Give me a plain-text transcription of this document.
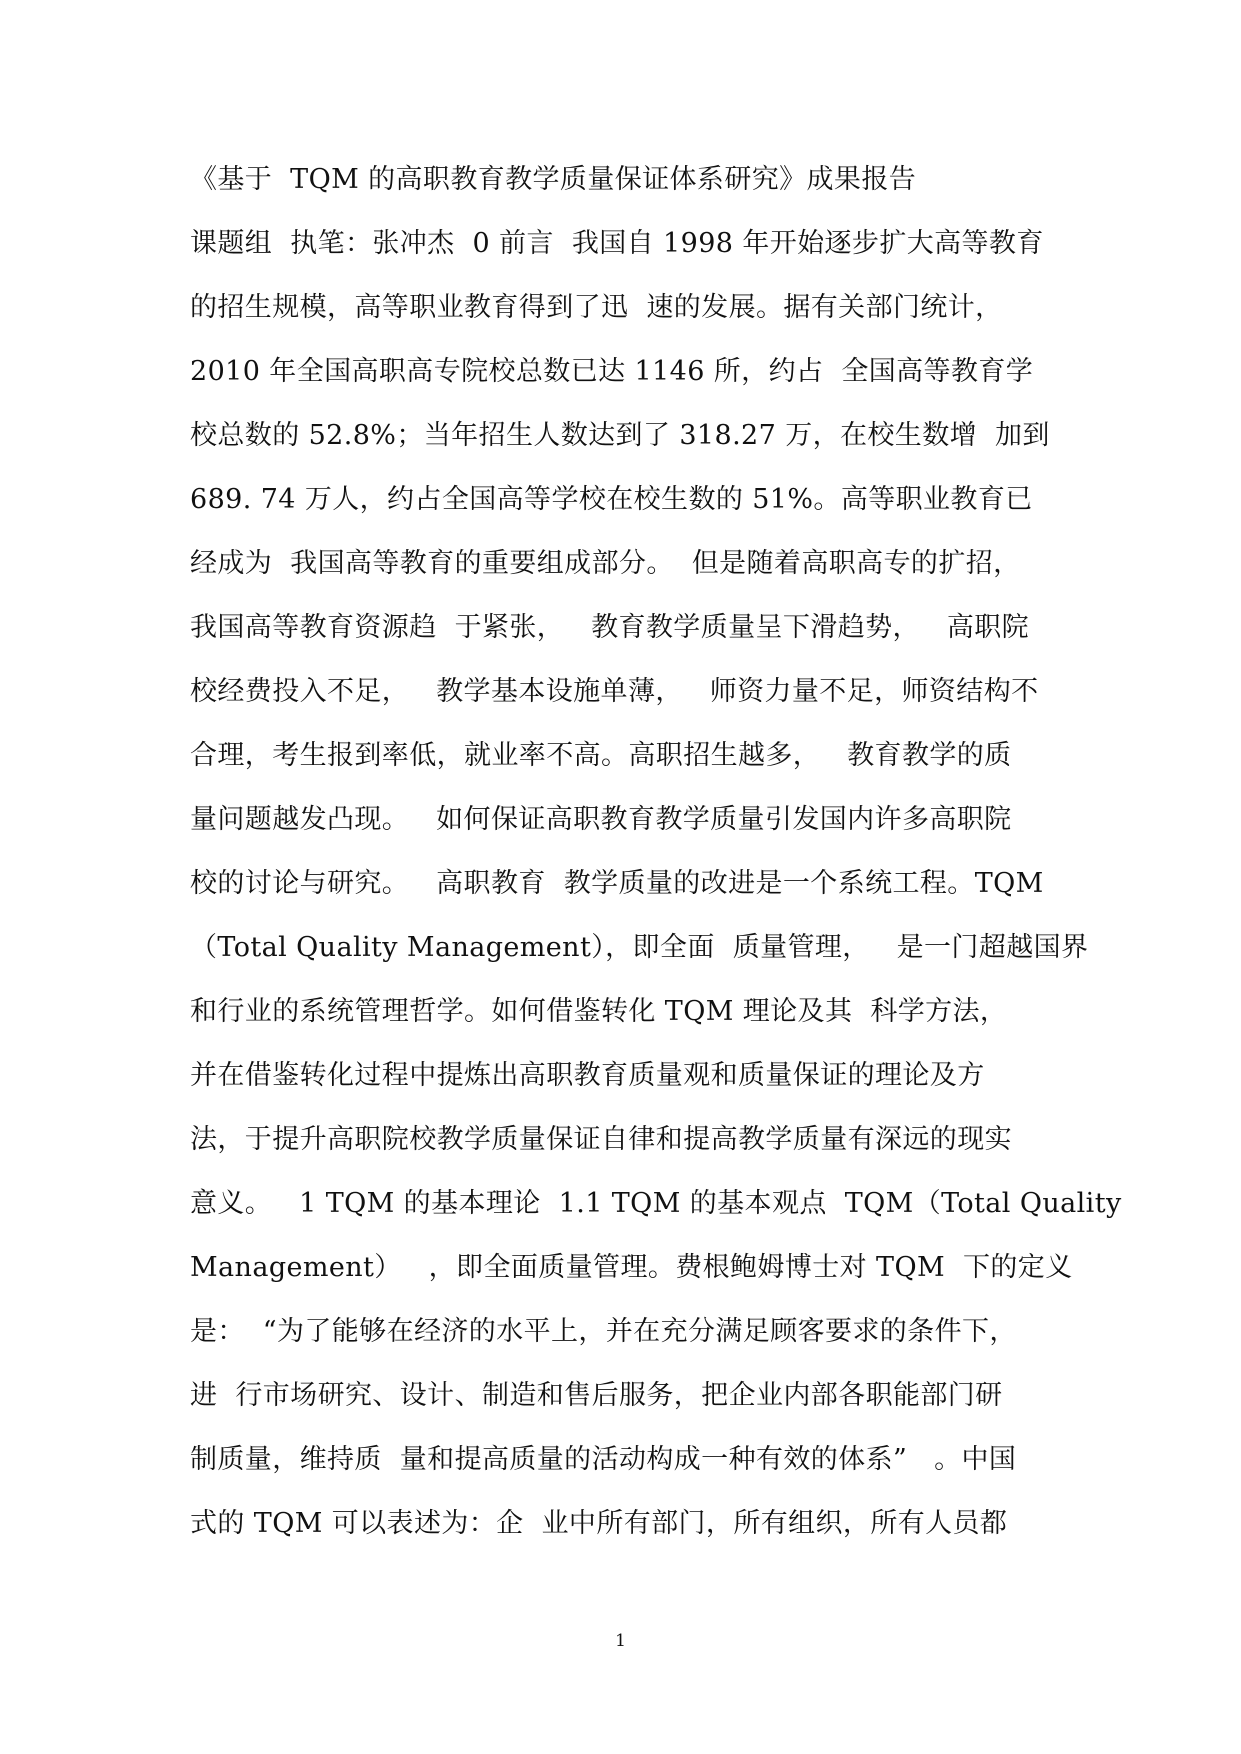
《基于  TQM 的高职教育教学质量保证体系研究》成果报告
课题组  执笔：张冲杰  0 前言  我国自 1998 年开始逐步扩大高等教育
的招生规模，高等职业教育得到了迅  速的发展。据有关部门统计，
2010 年全国高职高专院校总数已达 1146 所，约占  全国高等教育学
校总数的 52.8%；当年招生人数达到了 318.27 万，在校生数增  加到
689. 74 万人，约占全国高等学校在校生数的 51%。高等职业教育已
经成为  我国高等教育的重要组成部分。  但是随着高职高专的扩招，
我国高等教育资源趋  于紧张，   教育教学质量呈下滑趋势，   高职院
校经费投入不足，   教学基本设施单薄，   师资力量不足，师资结构不
合理，考生报到率低，就业率不高。高职招生越多，   教育教学的质
量问题越发凸现。   如何保证高职教育教学质量引发国内许多高职院
校的讨论与研究。   高职教育  教学质量的改进是一个系统工程。TQM
（Total Quality Management），即全面  质量管理，   是一门超越国界
和行业的系统管理哲学。如何借鉴转化 TQM 理论及其  科学方法，
并在借鉴转化过程中提炼出高职教育质量观和质量保证的理论及方
法，于提升高职院校教学质量保证自律和提高教学质量有深远的现实
意义。   1 TQM 的基本理论  1.1 TQM 的基本观点  TQM（Total Quality
Management）   ，即全面质量管理。费根鲍姆博士对 TQM  下的定义
是：  “为了能够在经济的水平上，并在充分满足顾客要求的条件下，
进  行市场研究、设计、制造和售后服务，把企业内部各职能部门研
制质量，维持质  量和提高质量的活动构成一种有效的体系”   。中国
式的 TQM 可以表述为：企  业中所有部门，所有组织，所有人员都
1
